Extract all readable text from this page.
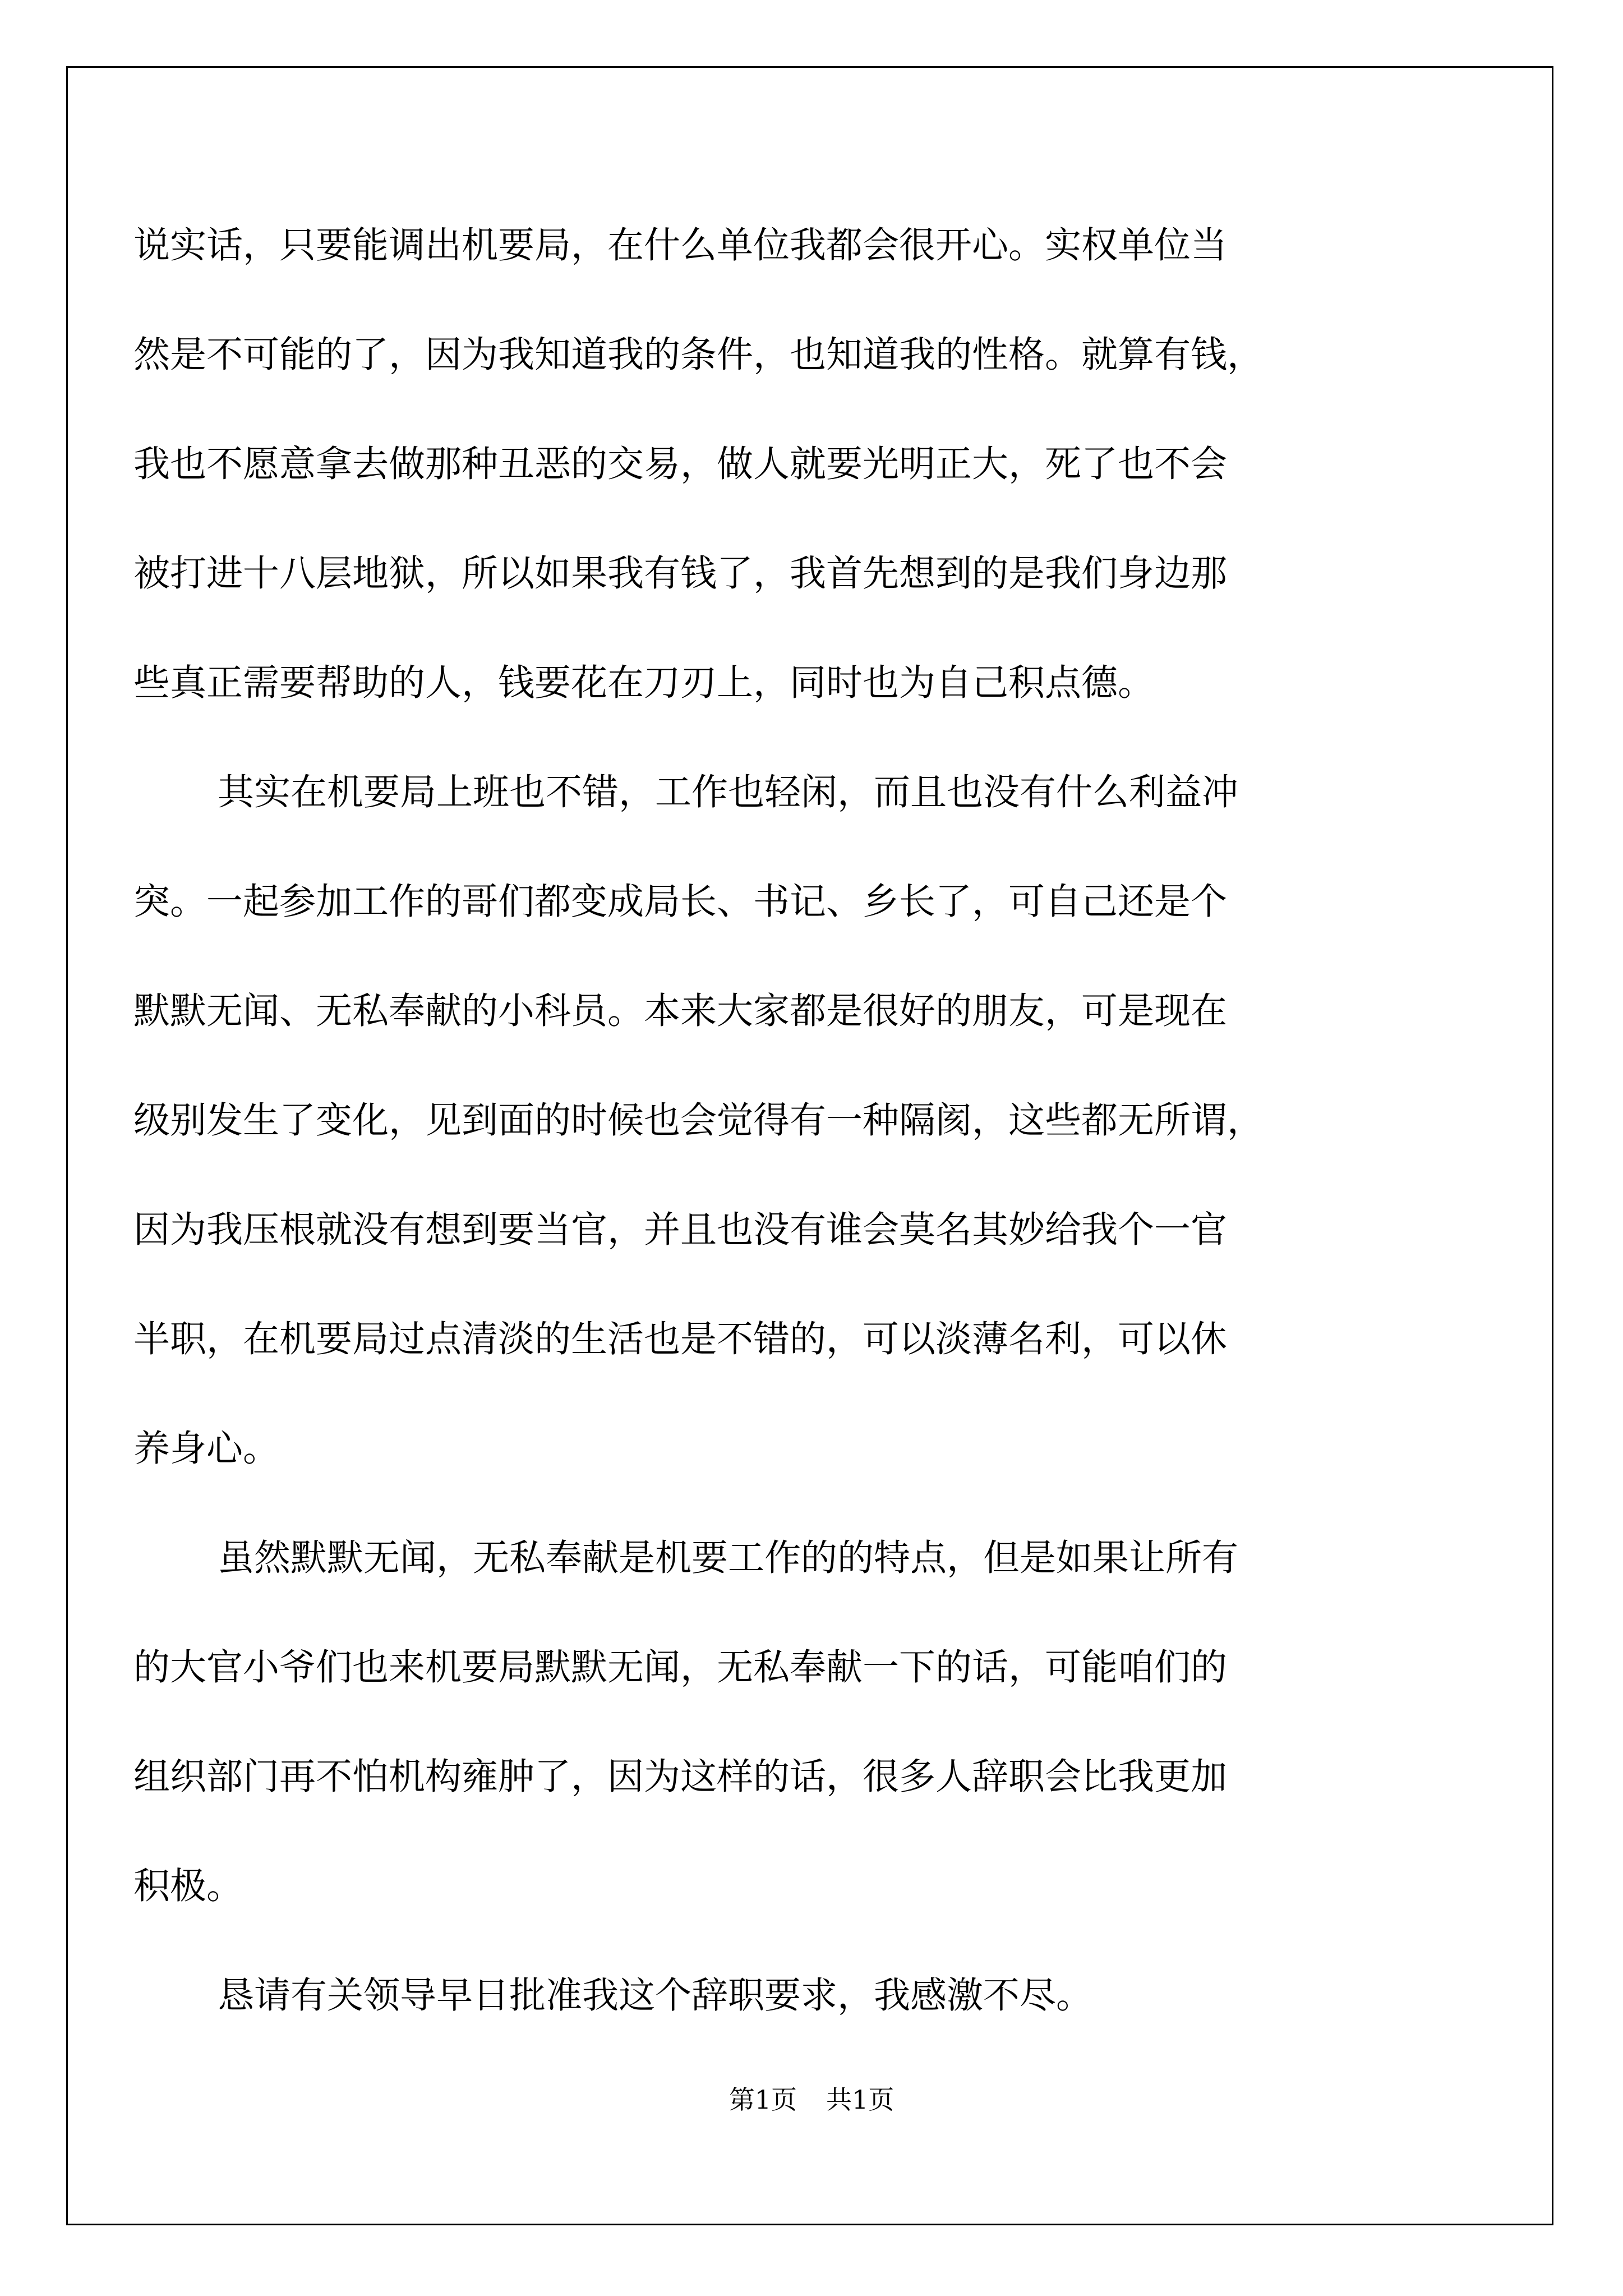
说实话，只要能调出机要局，在什么单位我都会很开心。实权单位当
然是不可能的了，因为我知道我的条件，也知道我的性格。就算有钱，
我也不愿意拿去做那种丑恶的交易，做人就要光明正大，死了也不会
被打进十八层地狱，所以如果我有钱了，我首先想到的是我们身边那
些真正需要帮助的人，钱要花在刀刃上，同时也为自己积点德。
其实在机要局上班也不错，工作也轻闲，而且也没有什么利益冲
突。一起参加工作的哥们都变成局长、书记、乡长了，可自己还是个
默默无闻、无私奉献的小科员。本来大家都是很好的朋友，可是现在
级别发生了变化，见到面的时候也会觉得有一种隔阂，这些都无所谓，
因为我压根就没有想到要当官，并且也没有谁会莫名其妙给我个一官
半职，在机要局过点清淡的生活也是不错的，可以淡薄名利，可以休
养身心。
虽然默默无闻，无私奉献是机要工作的的特点，但是如果让所有
的大官小爷们也来机要局默默无闻，无私奉献一下的话，可能咱们的
组织部门再不怕机构雍肿了，因为这样的话，很多人辞职会比我更加
积极。
恳请有关领导早日批准我这个辞职要求，我感激不尽。
第1页 共1页
